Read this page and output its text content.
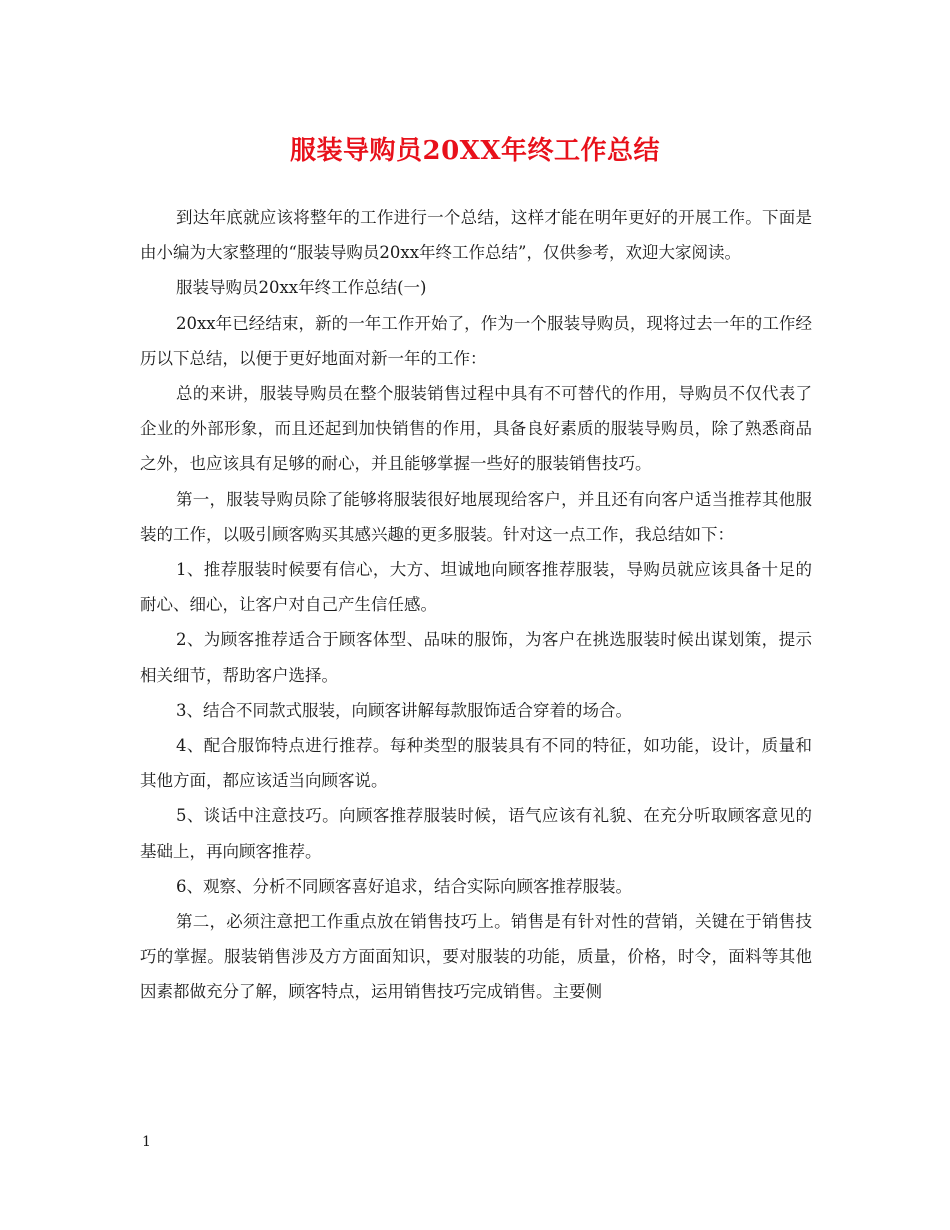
服装导购员20XX年终工作总结

到达年底就应该将整年的工作进行一个总结，这样才能在明年更好的开展工作。下面是由小编为大家整理的“服装导购员20xx年终工作总结”，仅供参考，欢迎大家阅读。

服装导购员20xx年终工作总结(一)

20xx年已经结束，新的一年工作开始了，作为一个服装导购员，现将过去一年的工作经历以下总结，以便于更好地面对新一年的工作：

总的来讲，服装导购员在整个服装销售过程中具有不可替代的作用，导购员不仅代表了企业的外部形象，而且还起到加快销售的作用，具备良好素质的服装导购员，除了熟悉商品之外，也应该具有足够的耐心，并且能够掌握一些好的服装销售技巧。

第一，服装导购员除了能够将服装很好地展现给客户，并且还有向客户适当推荐其他服装的工作，以吸引顾客购买其感兴趣的更多服装。针对这一点工作，我总结如下：

1、推荐服装时候要有信心，大方、坦诚地向顾客推荐服装，导购员就应该具备十足的耐心、细心，让客户对自己产生信任感。

2、为顾客推荐适合于顾客体型、品味的服饰，为客户在挑选服装时候出谋划策，提示相关细节，帮助客户选择。

3、结合不同款式服装，向顾客讲解每款服饰适合穿着的场合。

4、配合服饰特点进行推荐。每种类型的服装具有不同的特征，如功能，设计，质量和其他方面，都应该适当向顾客说。

5、谈话中注意技巧。向顾客推荐服装时候，语气应该有礼貌、在充分听取顾客意见的基础上，再向顾客推荐。

6、观察、分析不同顾客喜好追求，结合实际向顾客推荐服装。

第二，必须注意把工作重点放在销售技巧上。销售是有针对性的营销，关键在于销售技巧的掌握。服装销售涉及方方面面知识，要对服装的功能，质量，价格，时令，面料等其他因素都做充分了解，顾客特点，运用销售技巧完成销售。主要侧

1
